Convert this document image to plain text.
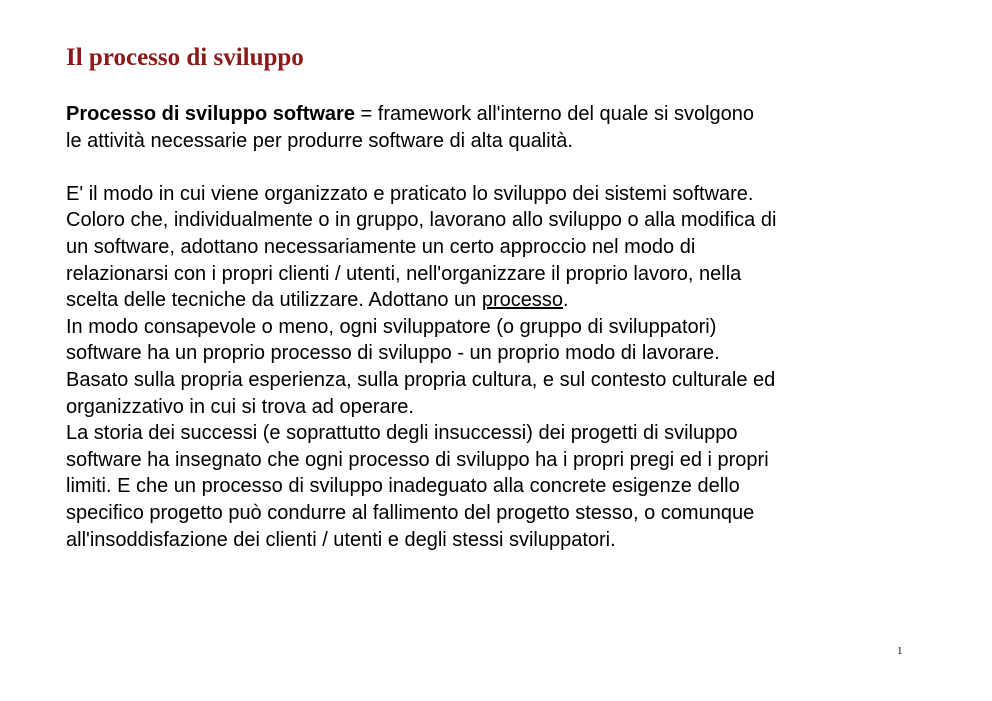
Il processo di sviluppo

Processo di sviluppo software = framework all'interno del quale si svolgono
le attività necessarie per produrre software di alta qualità.

E' il modo in cui viene organizzato e praticato lo sviluppo dei sistemi software.
Coloro che, individualmente o in gruppo, lavorano allo sviluppo o alla modifica di
un software, adottano necessariamente un certo approccio nel modo di
relazionarsi con i propri clienti / utenti, nell'organizzare il proprio lavoro, nella
scelta delle tecniche da utilizzare. Adottano un processo.

In modo consapevole o meno, ogni sviluppatore (o gruppo di sviluppatori)
software ha un proprio processo di sviluppo - un proprio modo di lavorare.
Basato sulla propria esperienza, sulla propria cultura, e sul contesto culturale ed
organizzativo in cui si trova ad operare.

La storia dei successi (e soprattutto degli insuccessi) dei progetti di sviluppo
software ha insegnato che ogni processo di sviluppo ha i propri pregi ed i propri
limiti. E che un processo di sviluppo inadeguato alla concrete esigenze dello
specifico progetto può condurre al fallimento del progetto stesso, o comunque
all'insoddisfazione dei clienti / utenti e degli stessi sviluppatori.

1
